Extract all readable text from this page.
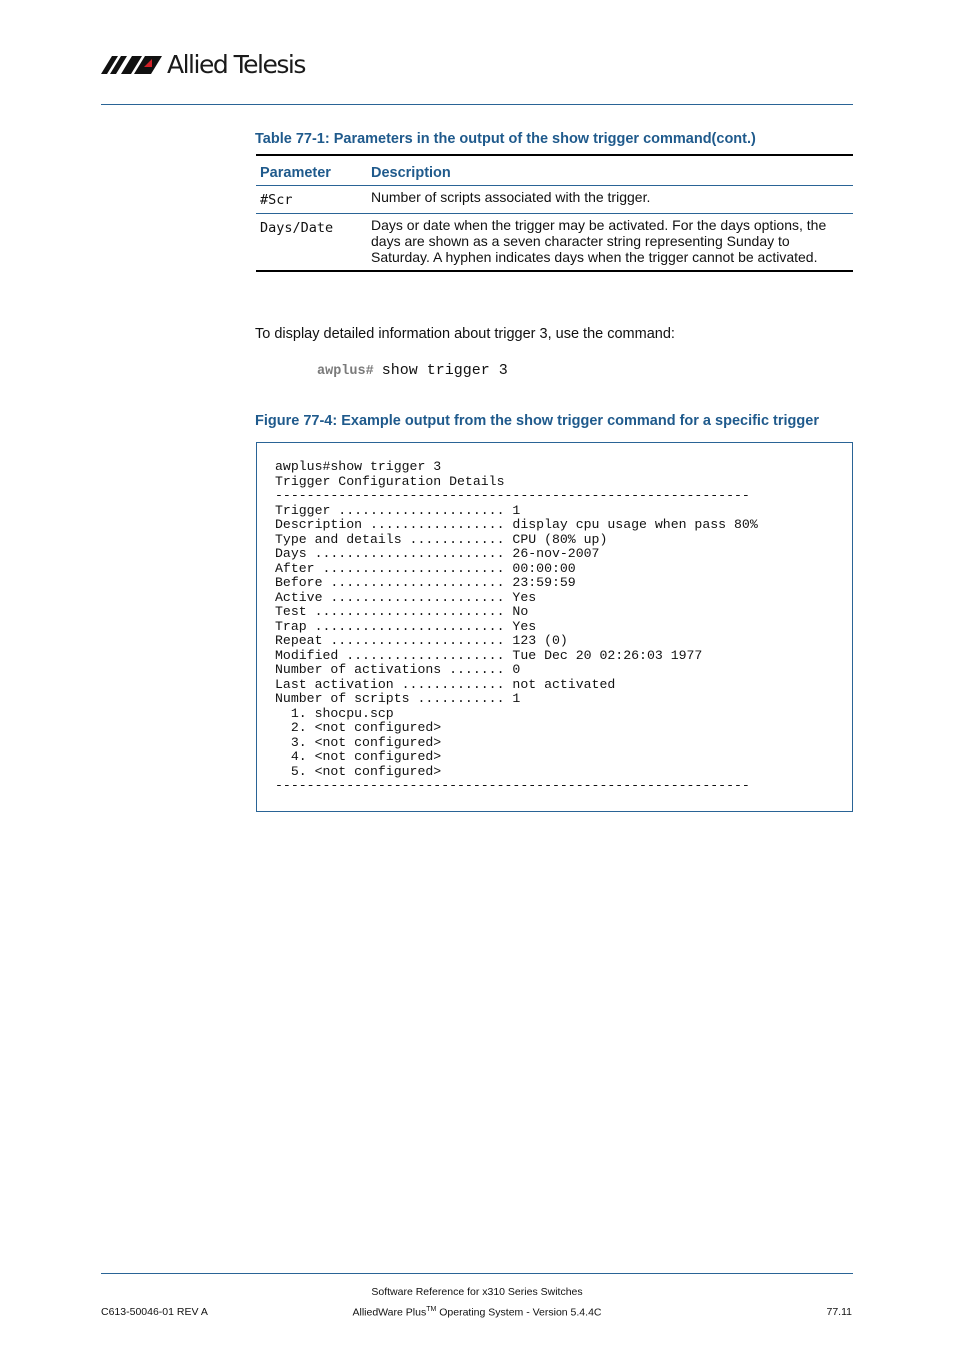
Allied Telesis
Table 77-1: Parameters in the output of the show trigger command(cont.)
Parameter	Description
#Scr	Number of scripts associated with the trigger.
Days/Date	Days or date when the trigger may be activated. For the days options, the days are shown as a seven character string representing Sunday to Saturday. A hyphen indicates days when the trigger cannot be activated.
To display detailed information about trigger 3, use the command:
awplus# show trigger 3
Figure 77-4: Example output from the show trigger command for a specific trigger
awplus#show trigger 3
Trigger Configuration Details
------------------------------------------------------------
Trigger ..................... 1
Description ................. display cpu usage when pass 80%
Type and details ............ CPU (80% up)
Days ........................ 26-nov-2007
After ....................... 00:00:00
Before ...................... 23:59:59
Active ...................... Yes
Test ........................ No
Trap ........................ Yes
Repeat ...................... 123 (0)
Modified .................... Tue Dec 20 02:26:03 1977
Number of activations ....... 0
Last activation ............. not activated
Number of scripts ........... 1
1. shocpu.scp
2. <not configured>
3. <not configured>
4. <not configured>
5. <not configured>
------------------------------------------------------------
Software Reference for x310 Series Switches
C613-50046-01 REV A	AlliedWare Plus™ Operating System - Version 5.4.4C	77.11
